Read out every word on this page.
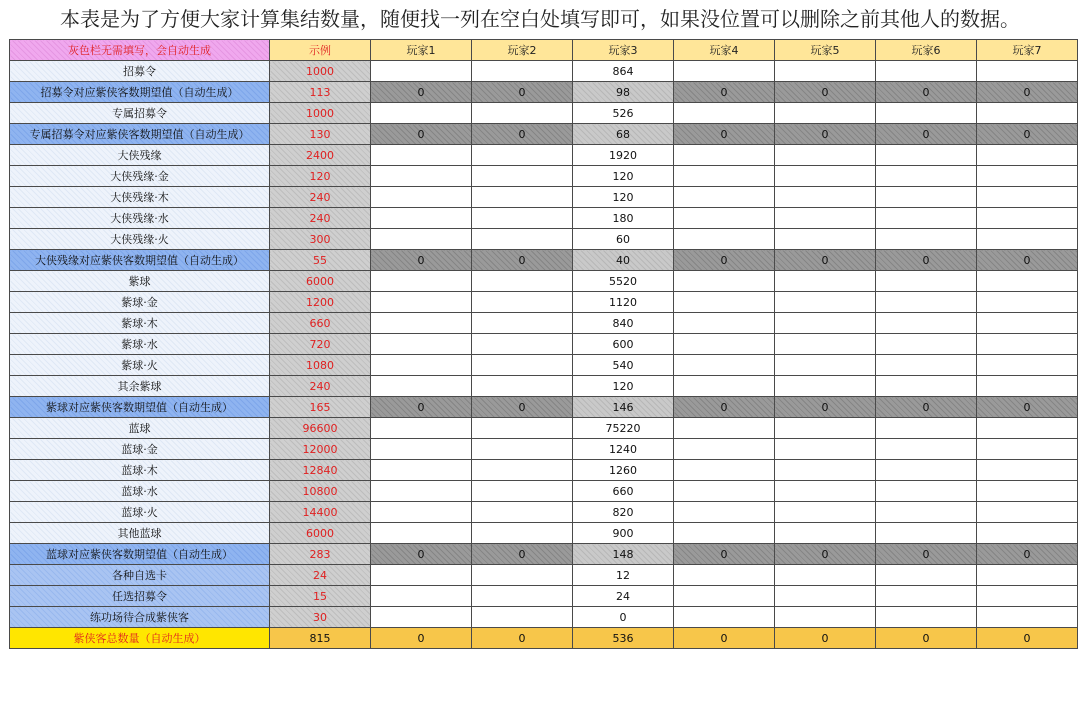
本表是为了方便大家计算集结数量，随便找一列在空白处填写即可，如果没位置可以删除之前其他人的数据。
灰色栏无需填写，会自动生成	示例	玩家1	玩家2	玩家3	玩家4	玩家5	玩家6	玩家7
招募令	1000			864				
招募令对应紫侠客数期望值（自动生成）	113	0	0	98	0	0	0	0
专属招募令	1000			526				
专属招募令对应紫侠客数期望值（自动生成）	130	0	0	68	0	0	0	0
大侠残缘	2400			1920				
大侠残缘·金	120			120				
大侠残缘·木	240			120				
大侠残缘·水	240			180				
大侠残缘·火	300			60				
大侠残缘对应紫侠客数期望值（自动生成）	55	0	0	40	0	0	0	0
紫球	6000			5520				
紫球·金	1200			1120				
紫球·木	660			840				
紫球·水	720			600				
紫球·火	1080			540				
其余紫球	240			120				
紫球对应紫侠客数期望值（自动生成）	165	0	0	146	0	0	0	0
蓝球	96600			75220				
蓝球·金	12000			1240				
蓝球·木	12840			1260				
蓝球·水	10800			660				
蓝球·火	14400			820				
其他蓝球	6000			900				
蓝球对应紫侠客数期望值（自动生成）	283	0	0	148	0	0	0	0
各种自选卡	24			12				
任选招募令	15			24				
练功场待合成紫侠客	30			0				
紫侠客总数量（自动生成）	815	0	0	536	0	0	0	0
